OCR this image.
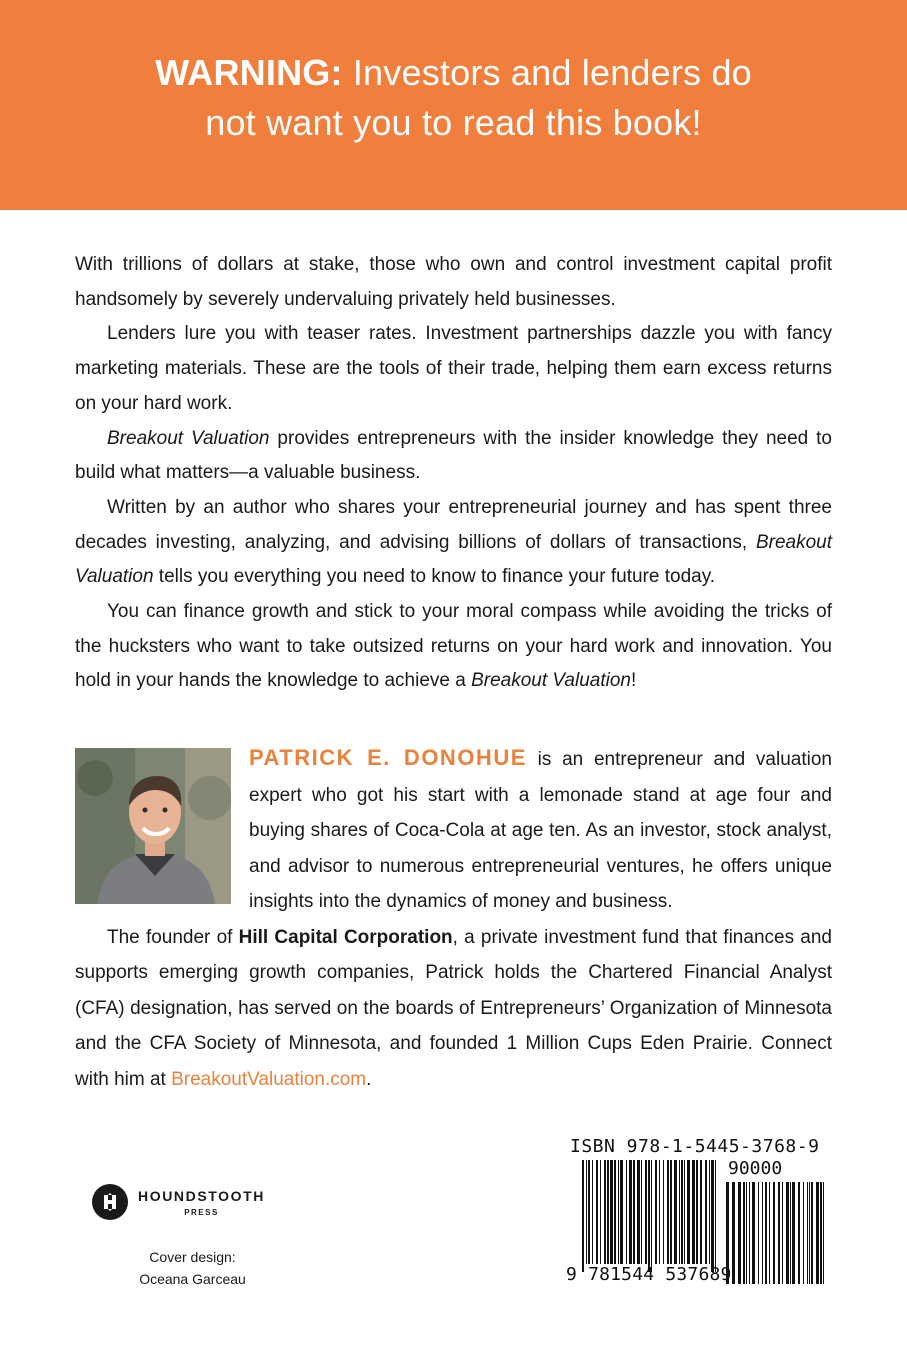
WARNING: Investors and lenders do
not want you to read this book!

With trillions of dollars at stake, those who own and control investment capital profit handsomely by severely undervaluing privately held businesses.

Lenders lure you with teaser rates. Investment partnerships dazzle you with fancy marketing materials. These are the tools of their trade, helping them earn excess returns on your hard work.

Breakout Valuation provides entrepreneurs with the insider knowledge they need to build what matters—a valuable business.

Written by an author who shares your entrepreneurial journey and has spent three decades investing, analyzing, and advising billions of dollars of transactions, Breakout Valuation tells you everything you need to know to finance your future today.

You can finance growth and stick to your moral compass while avoiding the tricks of the hucksters who want to take outsized returns on your hard work and innovation. You hold in your hands the knowledge to achieve a Breakout Valuation!

PATRICK E. DONOHUE is an entrepreneur and valuation expert who got his start with a lemonade stand at age four and buying shares of Coca-Cola at age ten. As an investor, stock analyst, and advisor to numerous entrepreneurial ventures, he offers unique insights into the dynamics of money and business.

The founder of Hill Capital Corporation, a private investment fund that finances and supports emerging growth companies, Patrick holds the Chartered Financial Analyst (CFA) designation, has served on the boards of Entrepreneurs’ Organization of Minnesota and the CFA Society of Minnesota, and founded 1 Million Cups Eden Prairie. Connect with him at BreakoutValuation.com.

HOUNDSTOOTH
PRESS
Cover design:
Oceana Garceau
ISBN 978-1-5445-3768-9
90000
9 781544 537689
